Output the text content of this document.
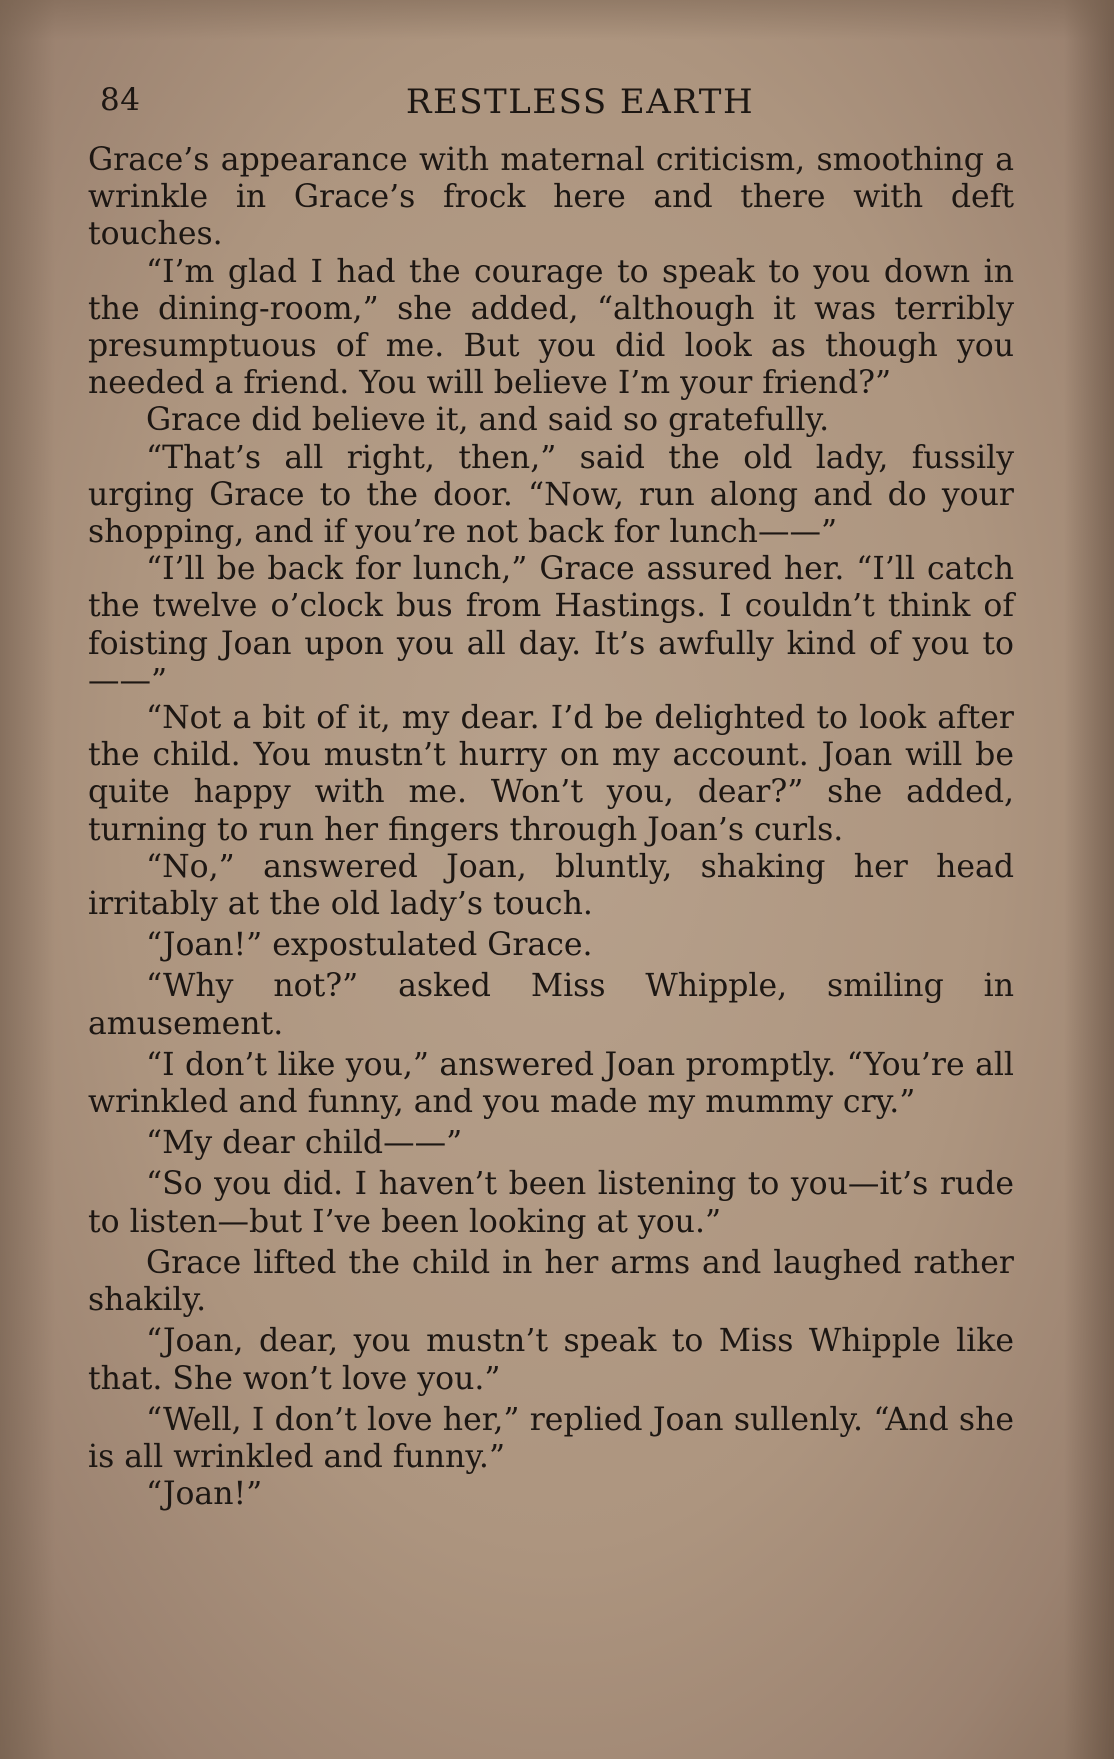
84	RESTLESS EARTH

Grace’s appearance with maternal criticism, smoothing a wrinkle in Grace’s frock here and there with deft touches.

“I’m glad I had the courage to speak to you down in the dining-room,” she added, “although it was terribly presumptuous of me. But you did look as though you needed a friend. You will believe I’m your friend?”

Grace did believe it, and said so gratefully.

“That’s all right, then,” said the old lady, fussily urging Grace to the door. “Now, run along and do your shopping, and if you’re not back for lunch——”

“I’ll be back for lunch,” Grace assured her. “I’ll catch the twelve o’clock bus from Hastings. I couldn’t think of foisting Joan upon you all day. It’s awfully kind of you to——”

“Not a bit of it, my dear. I’d be delighted to look after the child. You mustn’t hurry on my account. Joan will be quite happy with me. Won’t you, dear?” she added, turning to run her fingers through Joan’s curls.

“No,” answered Joan, bluntly, shaking her head irritably at the old lady’s touch.

“Joan!” expostulated Grace.

“Why not?” asked Miss Whipple, smiling in amusement.

“I don’t like you,” answered Joan promptly. “You’re all wrinkled and funny, and you made my mummy cry.”

“My dear child——”

“So you did. I haven’t been listening to you—it’s rude to listen—but I’ve been looking at you.”

Grace lifted the child in her arms and laughed rather shakily.

“Joan, dear, you mustn’t speak to Miss Whipple like that. She won’t love you.”

“Well, I don’t love her,” replied Joan sullenly. “And she is all wrinkled and funny.”

“Joan!”
